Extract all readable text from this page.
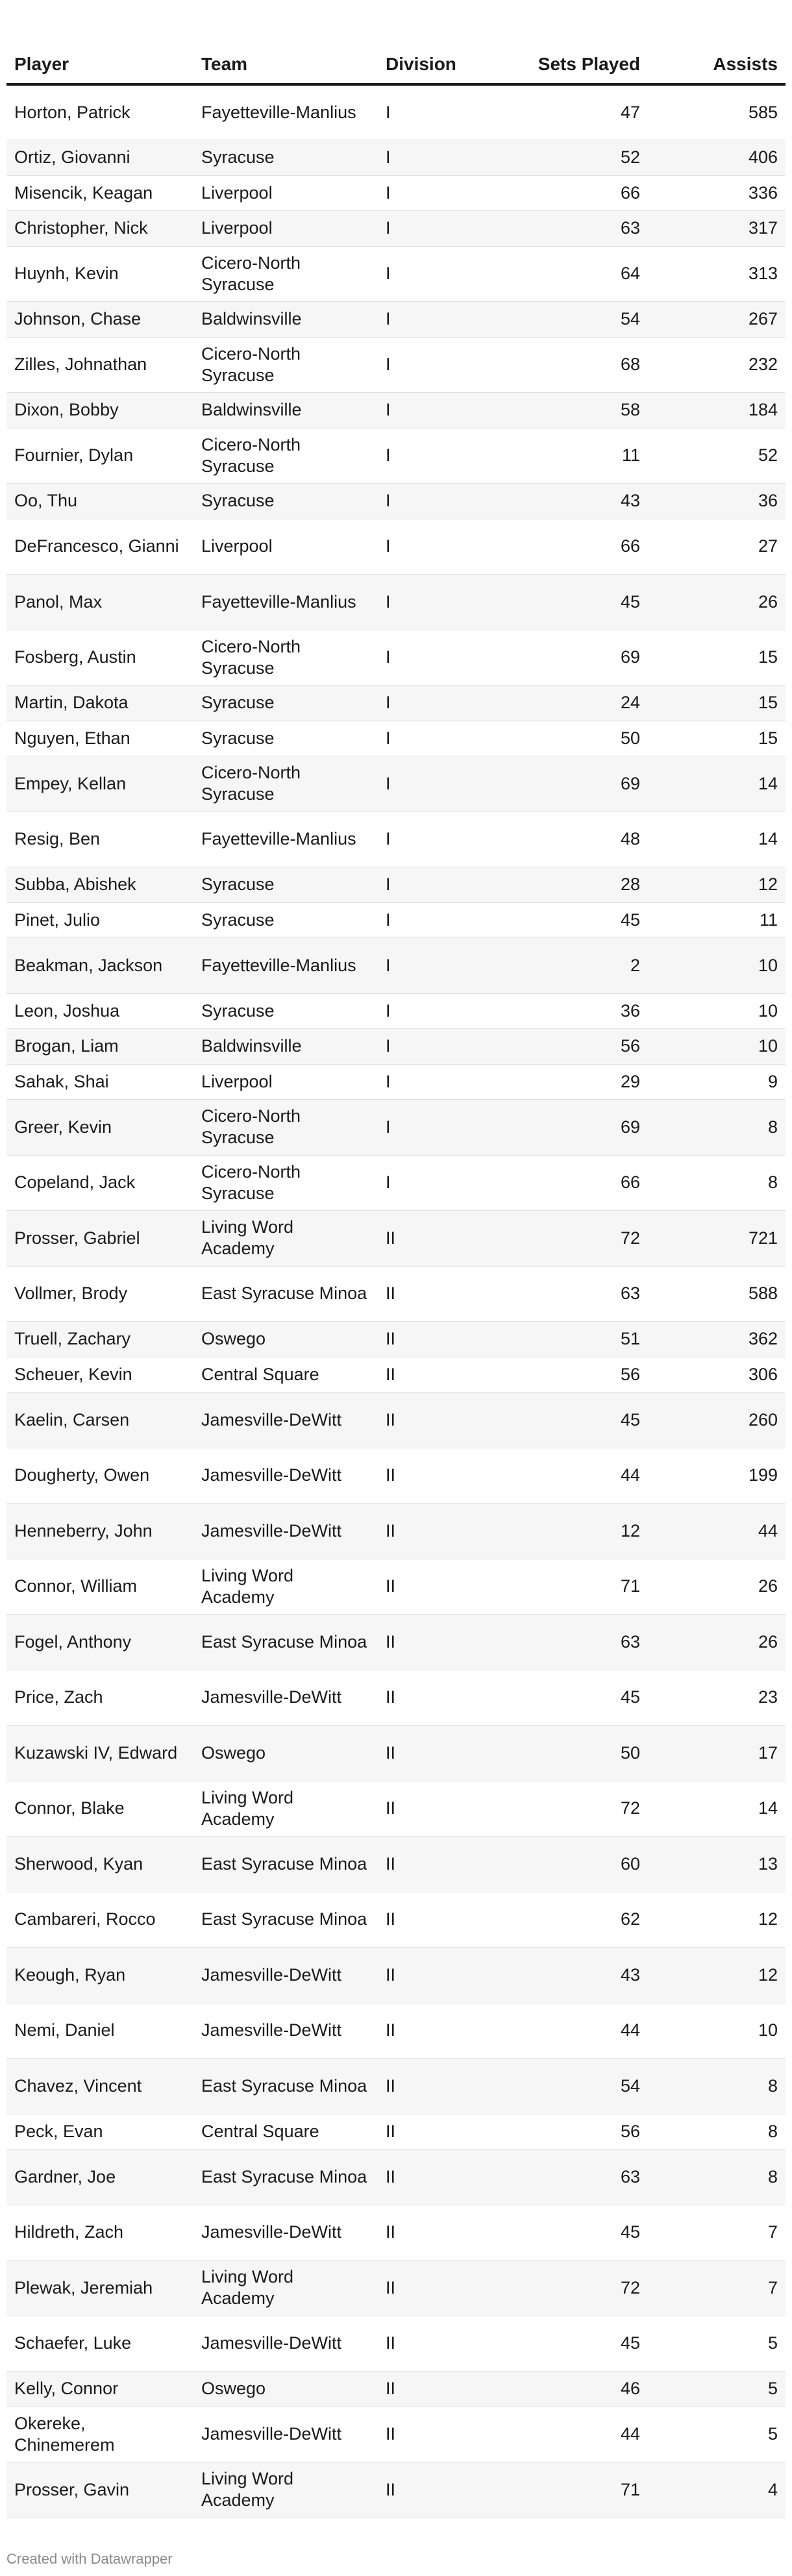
Player	Team	Division	Sets Played	Assists
Horton, Patrick	Fayetteville-Manlius	I	47	585
Ortiz, Giovanni	Syracuse	I	52	406
Misencik, Keagan	Liverpool	I	66	336
Christopher, Nick	Liverpool	I	63	317
Huynh, Kevin	Cicero-North Syracuse	I	64	313
Johnson, Chase	Baldwinsville	I	54	267
Zilles, Johnathan	Cicero-North Syracuse	I	68	232
Dixon, Bobby	Baldwinsville	I	58	184
Fournier, Dylan	Cicero-North Syracuse	I	11	52
Oo, Thu	Syracuse	I	43	36
DeFrancesco, Gianni	Liverpool	I	66	27
Panol, Max	Fayetteville-Manlius	I	45	26
Fosberg, Austin	Cicero-North Syracuse	I	69	15
Martin, Dakota	Syracuse	I	24	15
Nguyen, Ethan	Syracuse	I	50	15
Empey, Kellan	Cicero-North Syracuse	I	69	14
Resig, Ben	Fayetteville-Manlius	I	48	14
Subba, Abishek	Syracuse	I	28	12
Pinet, Julio	Syracuse	I	45	11
Beakman, Jackson	Fayetteville-Manlius	I	2	10
Leon, Joshua	Syracuse	I	36	10
Brogan, Liam	Baldwinsville	I	56	10
Sahak, Shai	Liverpool	I	29	9
Greer, Kevin	Cicero-North Syracuse	I	69	8
Copeland, Jack	Cicero-North Syracuse	I	66	8
Prosser, Gabriel	Living Word Academy	II	72	721
Vollmer, Brody	East Syracuse Minoa	II	63	588
Truell, Zachary	Oswego	II	51	362
Scheuer, Kevin	Central Square	II	56	306
Kaelin, Carsen	Jamesville-DeWitt	II	45	260
Dougherty, Owen	Jamesville-DeWitt	II	44	199
Henneberry, John	Jamesville-DeWitt	II	12	44
Connor, William	Living Word Academy	II	71	26
Fogel, Anthony	East Syracuse Minoa	II	63	26
Price, Zach	Jamesville-DeWitt	II	45	23
Kuzawski IV, Edward	Oswego	II	50	17
Connor, Blake	Living Word Academy	II	72	14
Sherwood, Kyan	East Syracuse Minoa	II	60	13
Cambareri, Rocco	East Syracuse Minoa	II	62	12
Keough, Ryan	Jamesville-DeWitt	II	43	12
Nemi, Daniel	Jamesville-DeWitt	II	44	10
Chavez, Vincent	East Syracuse Minoa	II	54	8
Peck, Evan	Central Square	II	56	8
Gardner, Joe	East Syracuse Minoa	II	63	8
Hildreth, Zach	Jamesville-DeWitt	II	45	7
Plewak, Jeremiah	Living Word Academy	II	72	7
Schaefer, Luke	Jamesville-DeWitt	II	45	5
Kelly, Connor	Oswego	II	46	5
Okereke, Chinemerem	Jamesville-DeWitt	II	44	5
Prosser, Gavin	Living Word Academy	II	71	4
Created with Datawrapper
